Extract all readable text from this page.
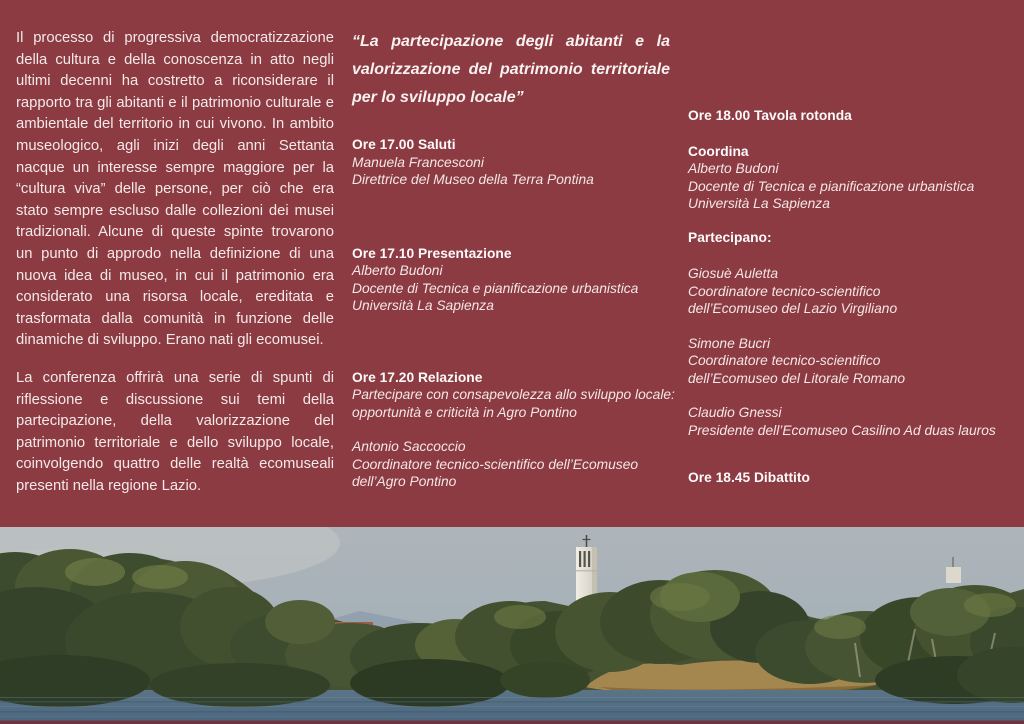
Il processo di progressiva democratizzazione della cultura e della conoscenza in atto negli ultimi decenni ha costretto a riconsiderare il rapporto tra gli abitanti e il patrimonio culturale e ambientale del territorio in cui vivono. In ambito museologico, agli inizi degli anni Settanta nacque un interesse sempre maggiore per la “cultura viva” delle persone, per ciò che era stato sempre escluso dalle collezioni dei musei tradizionali. Alcune di queste spinte trovarono un punto di approdo nella definizione di una nuova idea di museo, in cui il patrimonio era considerato una risorsa locale, ereditata e trasformata dalla comunità in funzione delle dinamiche di sviluppo. Erano nati gli ecomusei.

La conferenza offrirà una serie di spunti di riflessione e discussione sui temi della partecipazione, della valorizzazione del patrimonio territoriale e dello sviluppo locale, coinvolgendo quattro delle realtà ecomuseali presenti nella regione Lazio.

“La partecipazione degli abitanti e la valorizzazione del patrimonio territoriale per lo sviluppo locale”
Ore 17.00 Saluti
Manuela Francesconi
Direttrice del Museo della Terra Pontina
Ore 17.10 Presentazione
Alberto Budoni
Docente di Tecnica e pianificazione urbanistica
Università La Sapienza
Ore 17.20 Relazione
Partecipare con consapevolezza allo sviluppo locale:
opportunità e criticità in Agro Pontino
Antonio Saccoccio
Coordinatore tecnico-scientifico dell’Ecomuseo
dell’Agro Pontino
Ore 18.00 Tavola rotonda
Coordina
Alberto Budoni
Docente di Tecnica e pianificazione urbanistica
Università La Sapienza
Partecipano:
Giosuè Auletta
Coordinatore tecnico-scientifico
dell’Ecomuseo del Lazio Virgiliano
Simone Bucri
Coordinatore tecnico-scientifico
dell’Ecomuseo del Litorale Romano
Claudio Gnessi
Presidente dell’Ecomuseo Casilino Ad duas lauros
Ore 18.45 Dibattito
